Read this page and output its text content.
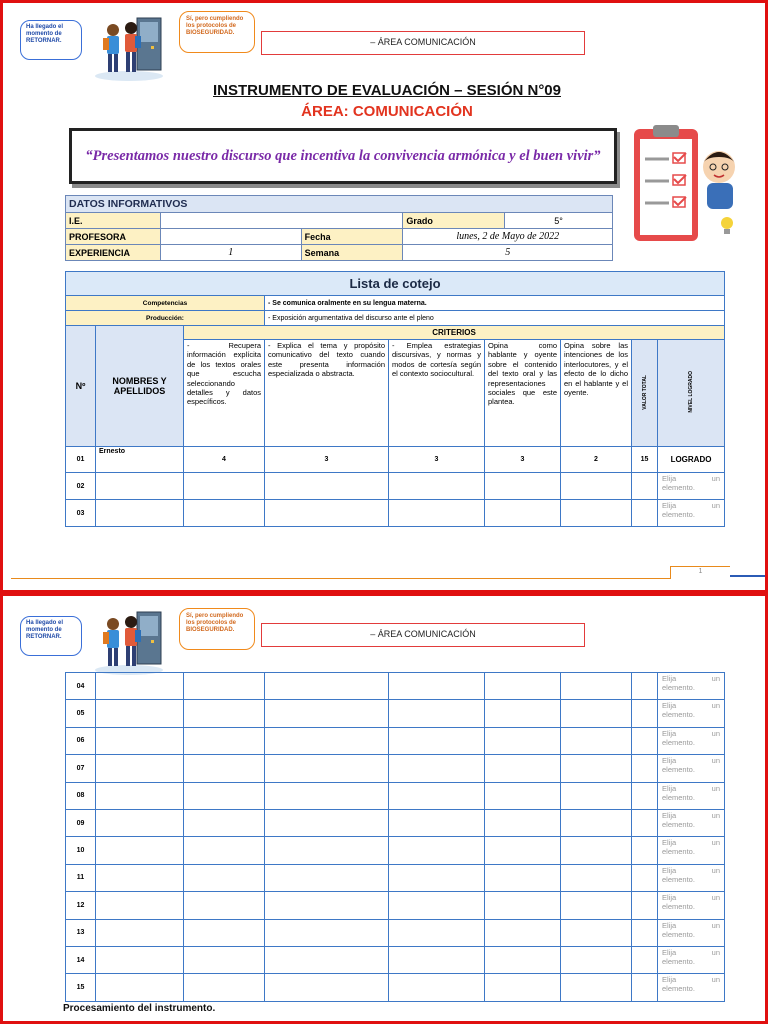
Ha llegado el momento de RETORNAR.
Sí, pero cumpliendo los protocolos de BIOSEGURIDAD.
– ÁREA COMUNICACIÓN
INSTRUMENTO DE EVALUACIÓN – SESIÓN N°09
ÁREA: COMUNICACIÓN
“Presentamos nuestro discurso que incentiva la convivencia armónica y el buen vivir”
DATOS INFORMATIVOS				
I.E.			Grado	5°
PROFESORA		Fecha	lunes, 2 de Mayo de 2022	
EXPERIENCIA	1	Semana	5	
Lista de cotejo								
Competencias			- Se comunica oralmente en su lengua materna.					
Producción:			- Exposición argumentativa del discurso ante el pleno					
Nº	NOMBRES Y APELLIDOS	CRITERIOS						
		- Recupera información explícita de los textos orales que escucha seleccionando detalles y datos específicos.	- Explica el tema y propósito comunicativo del texto cuando este presenta información especializada o abstracta.	- Emplea estrategias discursivas, y normas y modos de cortesía según el contexto sociocultural.	Opina como hablante y oyente sobre el contenido del texto oral y las representaciones sociales que este plantea.	Opina sobre las intenciones de los interlocutores, y el efecto de lo dicho en el hablante y el oyente.	VALOR TOTAL	NIVEL LOGRADO
01	Ernesto	4	3	3	3	2	15	LOGRADO
02								Elija un elemento.
03								Elija un elemento.
1
Ha llegado el momento de RETORNAR.
Sí, pero cumpliendo los protocolos de BIOSEGURIDAD.	– ÁREA COMUNICACIÓN
04								Elija un elemento.
05								Elija un elemento.
06								Elija un elemento.
07								Elija un elemento.
08								Elija un elemento.
09								Elija un elemento.
10								Elija un elemento.
11								Elija un elemento.
12								Elija un elemento.
13								Elija un elemento.
14								Elija un elemento.
15								Elija un elemento.
Procesamiento del instrumento.
